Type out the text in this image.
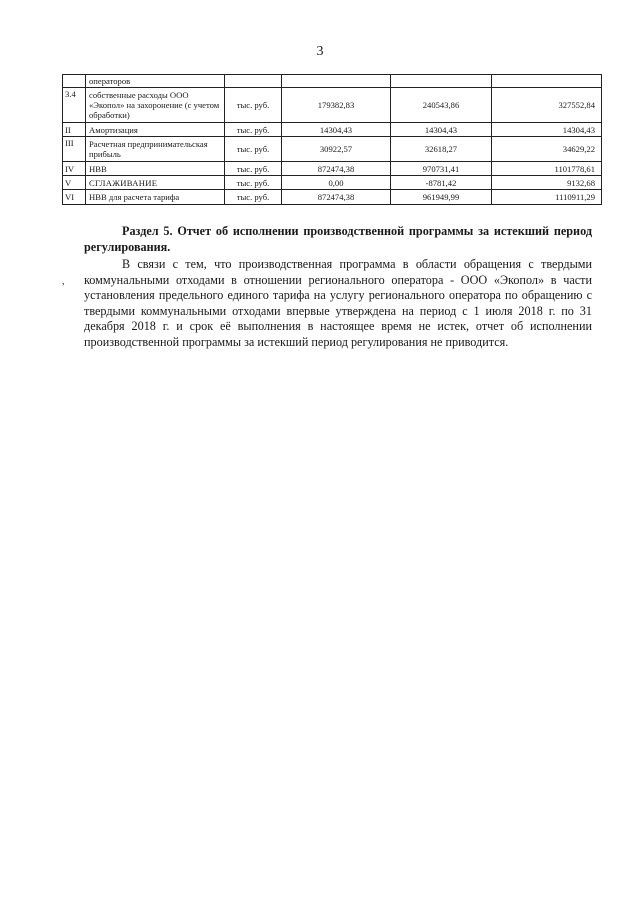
3
	операторов				
3.4	собственные расходы ООО «Экопол» на захоронение (с учетом обработки)	тыс. руб.	179382,83	240543,86	327552,84
II	Амортизация	тыс. руб.	14304,43	14304,43	14304,43
III	Расчетная предпринимательская прибыль	тыс. руб.	30922,57	32618,27	34629,22
IV	НВВ	тыс. руб.	872474,38	970731,41	1101778,61
V	СГЛАЖИВАНИЕ	тыс. руб.	0,00	-8781,42	9132,68
VI	НВВ для расчета тарифа	тыс. руб.	872474,38	961949,99	1110911,29
,

Раздел 5. Отчет об исполнении производственной программы за истекший период регулирования.

В связи с тем, что производственная программа в области обращения с твердыми коммунальными отходами в отношении регионального оператора - ООО «Экопол» в части установления предельного единого тарифа на услугу регионального оператора по обращению с твердыми коммунальными отходами впервые утверждена на период с 1 июля 2018 г. по 31 декабря 2018 г. и срок её выполнения в настоящее время не истек, отчет об исполнении производственной программы за истекший период регулирования не приводится.
